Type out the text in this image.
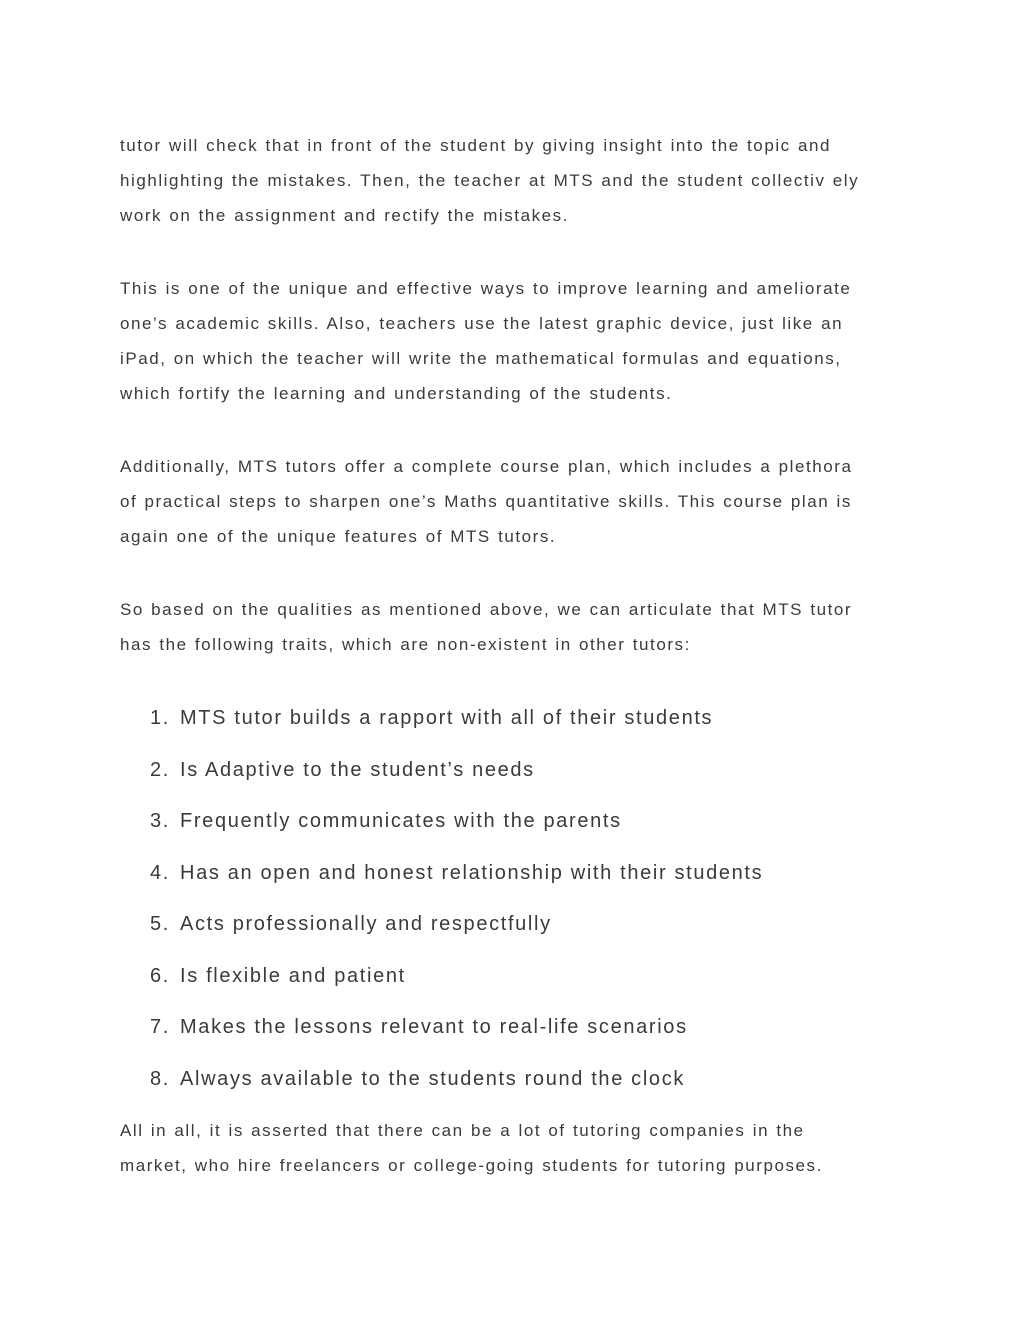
tutor will check that in front of the student by giving insight into the topic and
highlighting the mistakes. Then, the teacher at MTS and the student collectiv ely
work on the assignment and rectify the mistakes.

This is one of the unique and effective ways to improve learning and ameliorate
one’s academic skills. Also, teachers use the latest graphic device, just like an
iPad, on which the teacher will write the mathematical formulas and equations,
which fortify the learning and understanding of the students.

Additionally, MTS tutors offer a complete course plan, which includes a plethora
of practical steps to sharpen one’s Maths quantitative skills. This course plan is
again one of the unique features of MTS tutors.

So based on the qualities as mentioned above, we can articulate that MTS tutor
has the following traits, which are non-existent in other tutors:

1. MTS tutor builds a rapport with all of their students
2. Is Adaptive to the student’s needs
3. Frequently communicates with the parents
4. Has an open and honest relationship with their students
5. Acts professionally and respectfully
6. Is flexible and patient
7. Makes the lessons relevant to real-life scenarios
8. Always available to the students round the clock

All in all, it is asserted that there can be a lot of tutoring companies in the
market, who hire freelancers or college-going students for tutoring purposes.
